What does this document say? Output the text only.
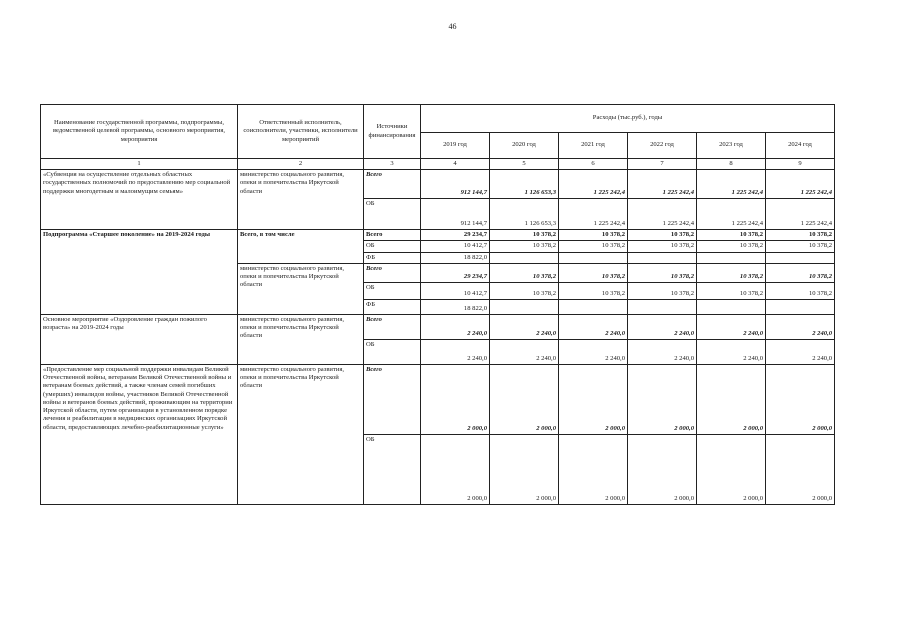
46
Наименование государственной программы, подпрограммы, ведомственной целевой программы, основного мероприятия, мероприятия	Ответственный исполнитель, соисполнители, участники, исполнители мероприятий	Источники финансирования	Расходы (тыс.руб.), годы					
			2019 год	2020 год	2021 год	2022 год	2023 год	2024 год
1	2	3	4	5	6	7	8	9
«Субвенция на осуществление отдельных областных государственных полномочий по предоставлению мер социальной поддержки многодетным и малоимущим семьям»	министерство социального развития, опеки и попечительства Иркутской области	Всего	912 144,7	1 126 653,3	1 225 242,4	1 225 242,4	1 225 242,4	1 225 242,4
		ОБ	912 144,7	1 126 653,3	1 225 242,4	1 225 242,4	1 225 242,4	1 225 242,4
Подпрограмма «Старшее поколение» на 2019-2024 годы	Всего, в том числе	Всего	29 234,7	10 378,2	10 378,2	10 378,2	10 378,2	10 378,2
		ОБ	10 412,7	10 378,2	10 378,2	10 378,2	10 378,2	10 378,2
		ФБ	18 822,0					
	министерство социального развития, опеки и попечительства Иркутской области	Всего	29 234,7	10 378,2	10 378,2	10 378,2	10 378,2	10 378,2
		ОБ	10 412,7	10 378,2	10 378,2	10 378,2	10 378,2	10 378,2
		ФБ	18 822,0					
Основное мероприятие «Оздоровление граждан пожилого возраста» на 2019-2024 годы	министерство социального развития, опеки и попечительства Иркутской области	Всего	2 240,0	2 240,0	2 240,0	2 240,0	2 240,0	2 240,0
		ОБ	2 240,0	2 240,0	2 240,0	2 240,0	2 240,0	2 240,0
«Предоставление мер социальной поддержки инвалидам Великой Отечественной войны, ветеранам Великой Отечественной войны и ветеранам боевых действий, а также членам семей погибших (умерших) инвалидов войны, участников Великой Отечественной войны и ветеранов боевых действий, проживающим на территории Иркутской области, путем организации в установленном порядке лечения и реабилитации в медицинских организациях Иркутской области, предоставляющих лечебно-реабилитационные услуги»	министерство социального развития, опеки и попечительства Иркутской области	Всего	2 000,0	2 000,0	2 000,0	2 000,0	2 000,0	2 000,0
		ОБ	2 000,0	2 000,0	2 000,0	2 000,0	2 000,0	2 000,0
